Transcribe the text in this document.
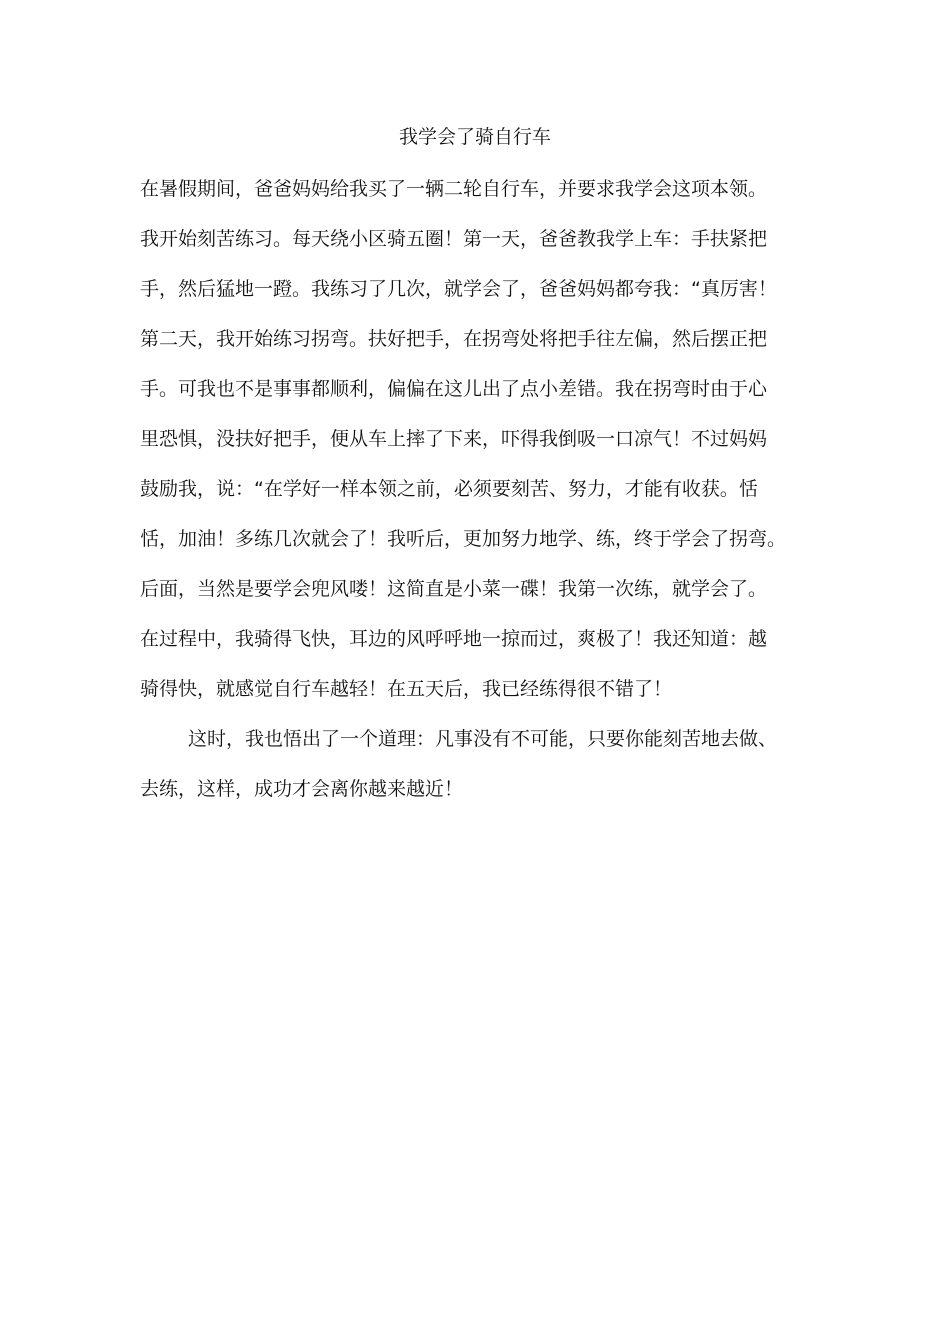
我学会了骑自行车
在暑假期间，爸爸妈妈给我买了一辆二轮自行车，并要求我学会这项本领。
我开始刻苦练习。每天绕小区骑五圈！第一天，爸爸教我学上车：手扶紧把
手，然后猛地一蹬。我练习了几次，就学会了，爸爸妈妈都夸我：“真厉害！
第二天，我开始练习拐弯。扶好把手，在拐弯处将把手往左偏，然后摆正把
手。可我也不是事事都顺利，偏偏在这儿出了点小差错。我在拐弯时由于心
里恐惧，没扶好把手，便从车上摔了下来，吓得我倒吸一口凉气！不过妈妈
鼓励我，说：“在学好一样本领之前，必须要刻苦、努力，才能有收获。恬
恬，加油！多练几次就会了！我听后，更加努力地学、练，终于学会了拐弯。
后面，当然是要学会兜风喽！这简直是小菜一碟！我第一次练，就学会了。
在过程中，我骑得飞快，耳边的风呼呼地一掠而过，爽极了！我还知道：越
骑得快，就感觉自行车越轻！在五天后，我已经练得很不错了！
这时，我也悟出了一个道理：凡事没有不可能，只要你能刻苦地去做、
去练，这样，成功才会离你越来越近！
